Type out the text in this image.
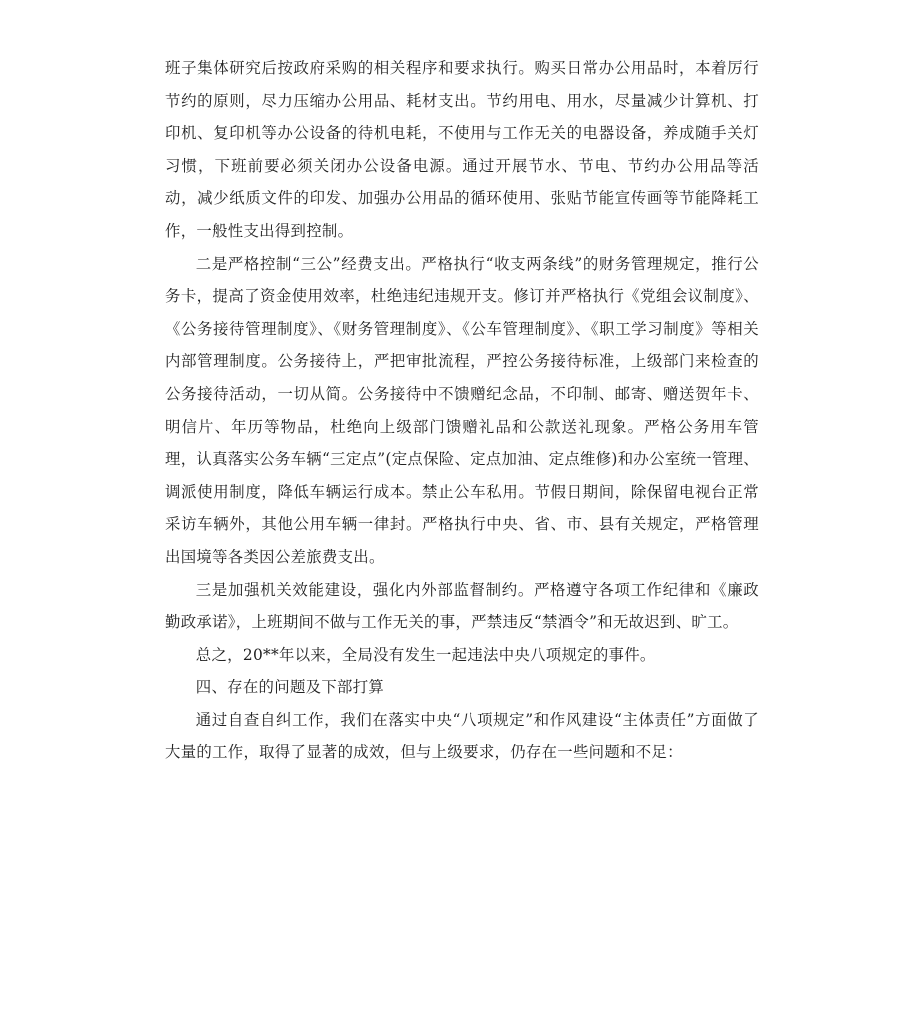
班子集体研究后按政府采购的相关程序和要求执行。购买日常办公用品时，本着厉行节约的原则，尽力压缩办公用品、耗材支出。节约用电、用水，尽量减少计算机、打印机、复印机等办公设备的待机电耗，不使用与工作无关的电器设备，养成随手关灯习惯，下班前要必须关闭办公设备电源。通过开展节水、节电、节约办公用品等活动，减少纸质文件的印发、加强办公用品的循环使用、张贴节能宣传画等节能降耗工作，一般性支出得到控制。

二是严格控制“三公”经费支出。严格执行“收支两条线”的财务管理规定，推行公务卡，提高了资金使用效率，杜绝违纪违规开支。修订并严格执行《党组会议制度》、《公务接待管理制度》、《财务管理制度》、《公车管理制度》、《职工学习制度》等相关内部管理制度。公务接待上，严把审批流程，严控公务接待标准，上级部门来检查的公务接待活动，一切从简。公务接待中不馈赠纪念品，不印制、邮寄、赠送贺年卡、明信片、年历等物品，杜绝向上级部门馈赠礼品和公款送礼现象。严格公务用车管理，认真落实公务车辆“三定点”(定点保险、定点加油、定点维修)和办公室统一管理、调派使用制度，降低车辆运行成本。禁止公车私用。节假日期间，除保留电视台正常采访车辆外，其他公用车辆一律封。严格执行中央、省、市、县有关规定，严格管理出国境等各类因公差旅费支出。

三是加强机关效能建设，强化内外部监督制约。严格遵守各项工作纪律和《廉政勤政承诺》，上班期间不做与工作无关的事，严禁违反“禁酒令”和无故迟到、旷工。

总之，20**年以来，全局没有发生一起违法中央八项规定的事件。

四、存在的问题及下部打算

通过自查自纠工作，我们在落实中央“八项规定”和作风建设“主体责任”方面做了大量的工作，取得了显著的成效，但与上级要求，仍存在一些问题和不足：
